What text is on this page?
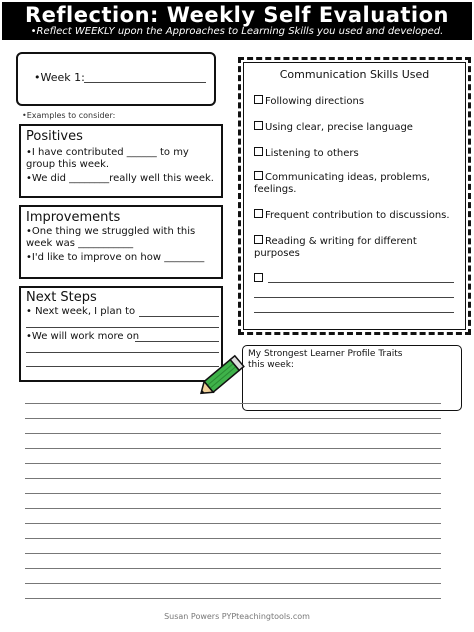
Reflection: Weekly Self Evaluation
•Reflect WEEKLY upon the Approaches to Learning Skills you used and developed.
•Week 1:
•Examples to consider:
Positives
•I have contributed ______ to my
group this week.
•We did ________really well this week.
Improvements
•One thing we struggled with this
week was ___________
•I'd like to improve on how ________
Next Steps
• Next week, I plan to
•We will work more on
Communication Skills Used
Following directions
Using clear, precise language
Listening to others
Communicating ideas, problems, feelings.
Frequent contribution to discussions.
Reading & writing for different purposes
My Strongest Learner Profile Traits this week:
Susan Powers PYPteachingtools.com
